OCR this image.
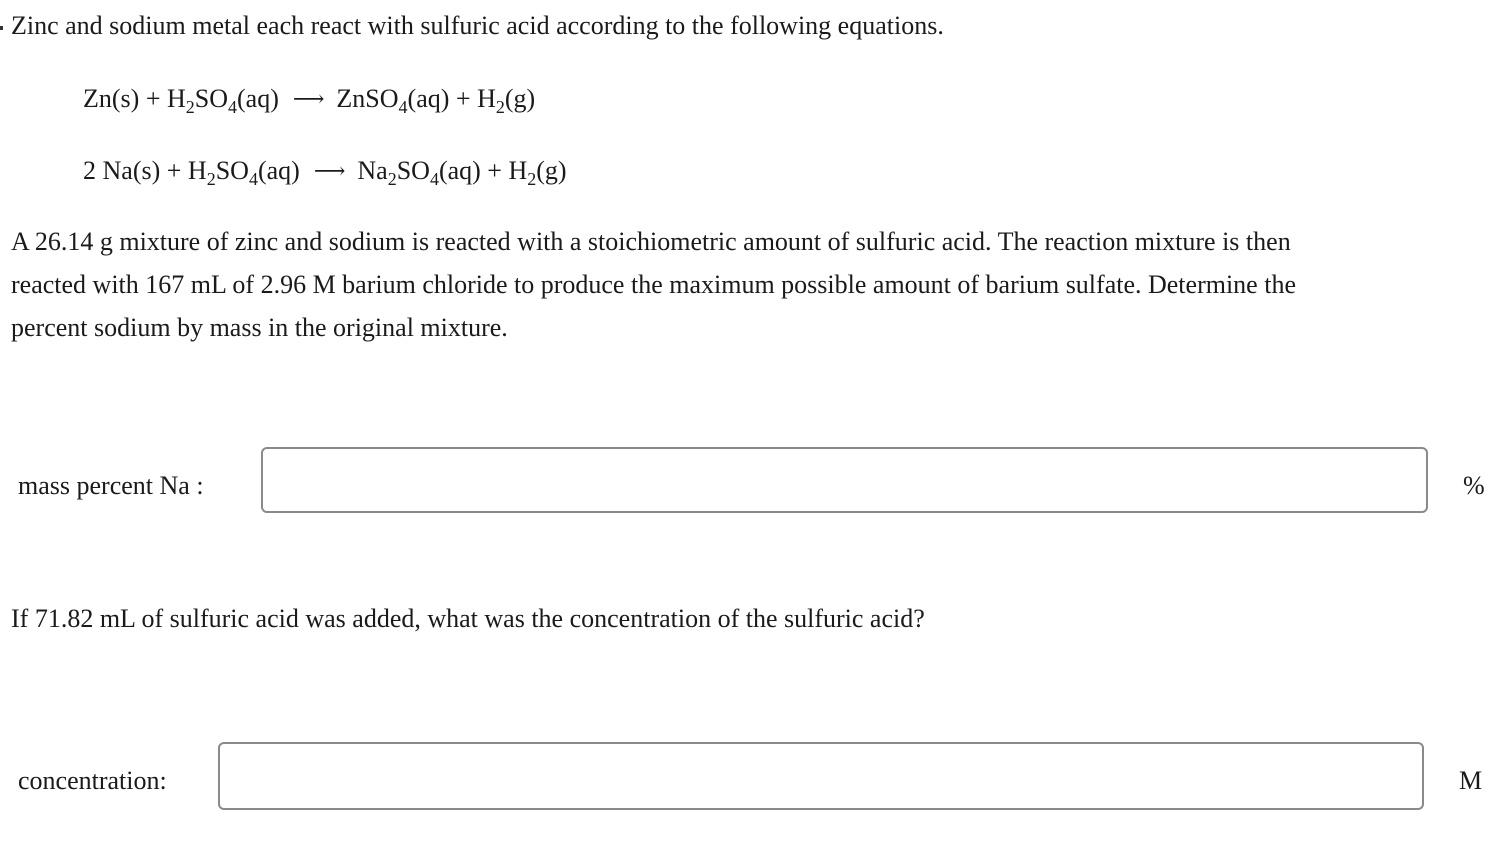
Zinc and sodium metal each react with sulfuric acid according to the following equations.
$Zn(s) + H_2SO_4(aq)$ ⟶ ZnSO$_4$(aq) + $H_2(g)$
2 $Na(s) + H_2SO_4(aq)$ ⟶ $Na_2SO_4(aq) + H_2(g)$
A 26.14 g mixture of zinc and sodium is reacted with a stoichiometric amount of sulfuric acid. The reaction mixture is then
reacted with 167 mL of 2.96 M barium chloride to produce the maximum possible amount of barium sulfate. Determine the
percent sodium by mass in the original mixture.
mass percent Na :	%
If 71.82 mL of sulfuric acid was added, what was the concentration of the sulfuric acid?
concentration:	M
